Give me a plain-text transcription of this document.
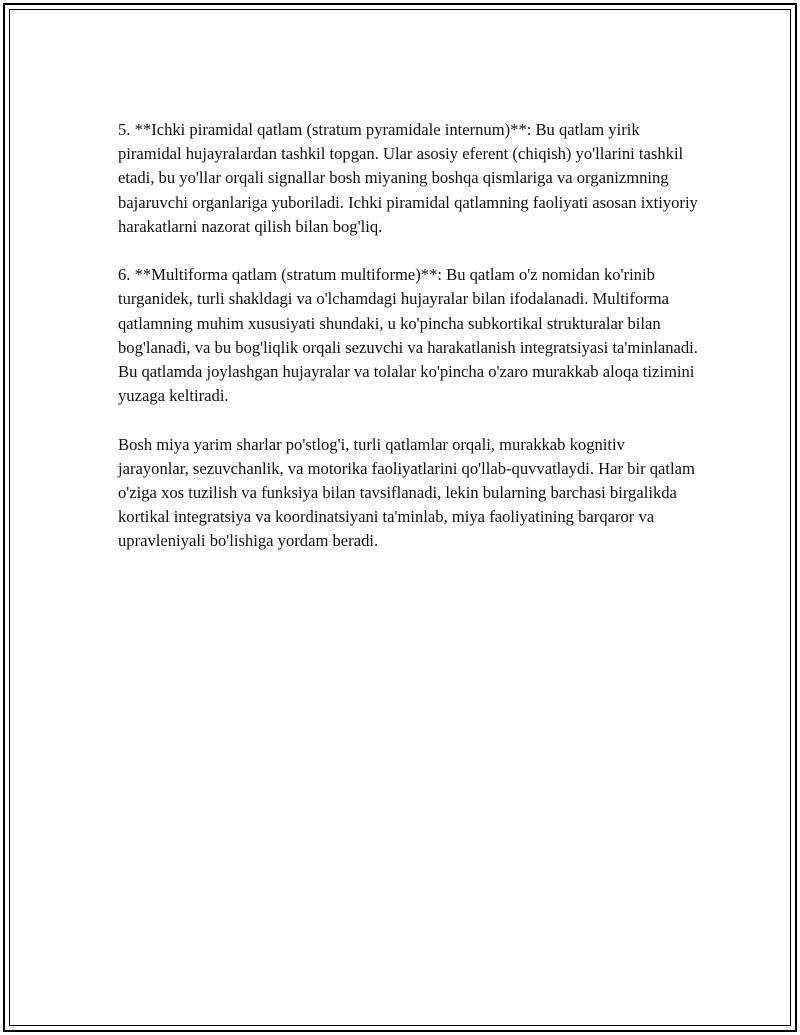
5. **Ichki piramidal qatlam (stratum pyramidale internum)**: Bu qatlam yirik piramidal hujayralardan tashkil topgan. Ular asosiy eferent (chiqish) yo'llarini tashkil etadi, bu yo'llar orqali signallar bosh miyaning boshqa qismlariga va organizmning bajaruvchi organlariga yuboriladi. Ichki piramidal qatlamning faoliyati asosan ixtiyoriy harakatlarni nazorat qilish bilan bog'liq.

6. **Multiforma qatlam (stratum multiforme)**: Bu qatlam o'z nomidan ko'rinib turganidek, turli shakldagi va o'lchamdagi hujayralar bilan ifodalanadi. Multiforma qatlamning muhim xususiyati shundaki, u ko'pincha subkortikal strukturalar bilan bog'lanadi, va bu bog'liqlik orqali sezuvchi va harakatlanish integratsiyasi ta'minlanadi. Bu qatlamda joylashgan hujayralar va tolalar ko'pincha o'zaro murakkab aloqa tizimini yuzaga keltiradi.

Bosh miya yarim sharlar po'stlog'i, turli qatlamlar orqali, murakkab kognitiv jarayonlar, sezuvchanlik, va motorika faoliyatlarini qo'llab-quvvatlaydi. Har bir qatlam o'ziga xos tuzilish va funksiya bilan tavsiflanadi, lekin bularning barchasi birgalikda kortikal integratsiya va koordinatsiyani ta'minlab, miya faoliyatining barqaror va upravleniyali bo'lishiga yordam beradi.
